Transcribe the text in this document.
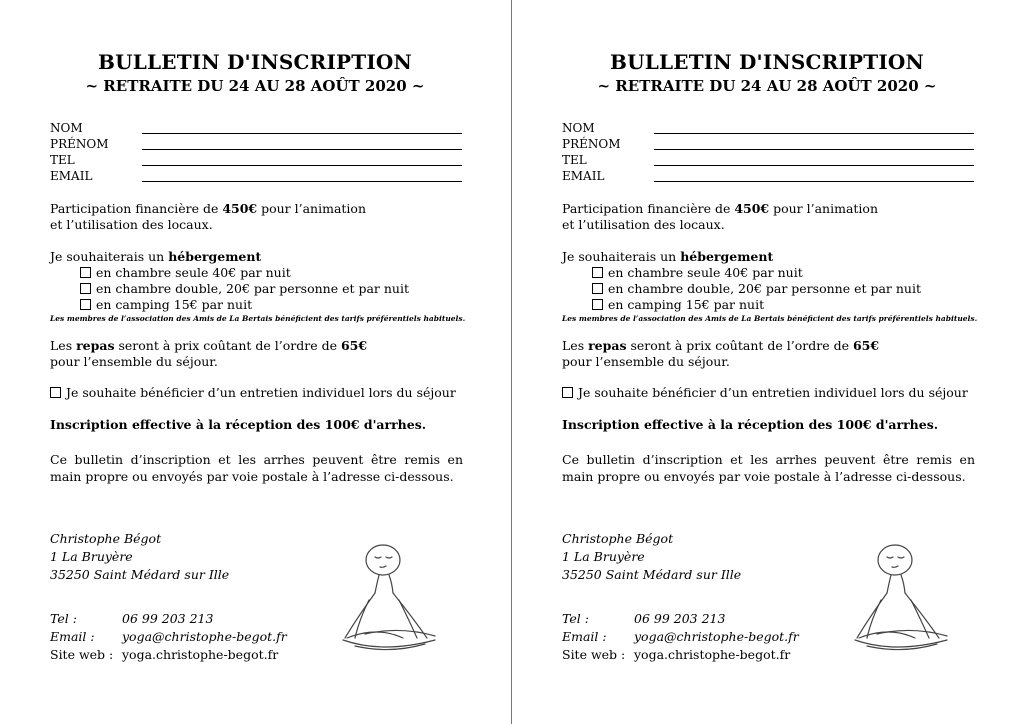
BULLETIN D'INSCRIPTION
~ RETRAITE DU 24 AU 28 AOÛT 2020 ~
NOM
PRÉNOM
TEL
EMAIL
Participation financière de 450€ pour l’animation
et l’utilisation des locaux.
Je souhaiterais un hébergement
en chambre seule 40€ par nuit
en chambre double, 20€ par personne et par nuit
en camping 15€ par nuit
Les membres de l’association des Amis de La Bertais bénéficient des tarifs préférentiels habituels.
Les repas seront à prix coûtant de l’ordre de 65€
pour l’ensemble du séjour.
Je souhaite bénéficier d’un entretien individuel lors du séjour
Inscription effective à la réception des 100€ d'arrhes.
Ce bulletin d’inscription et les arrhes peuvent être remis en main propre ou envoyés par voie postale à l’adresse ci-dessous.
Christophe Bégot
1 La Bruyère
35250 Saint Médard sur Ille
Tel :	06 99 203 213
Email : yoga@christophe-begot.fr
Site web : yoga.christophe-begot.fr
BULLETIN D'INSCRIPTION
~ RETRAITE DU 24 AU 28 AOÛT 2020 ~
NOM
PRÉNOM
TEL
EMAIL
Participation financière de 450€ pour l’animation
et l’utilisation des locaux.
Je souhaiterais un hébergement
en chambre seule 40€ par nuit
en chambre double, 20€ par personne et par nuit
en camping 15€ par nuit
Les membres de l’association des Amis de La Bertais bénéficient des tarifs préférentiels habituels.
Les repas seront à prix coûtant de l’ordre de 65€
pour l’ensemble du séjour.
Je souhaite bénéficier d’un entretien individuel lors du séjour
Inscription effective à la réception des 100€ d'arrhes.
Ce bulletin d’inscription et les arrhes peuvent être remis en main propre ou envoyés par voie postale à l’adresse ci-dessous.
Christophe Bégot
1 La Bruyère
35250 Saint Médard sur Ille
Tel :	06 99 203 213
Email : yoga@christophe-begot.fr
Site web : yoga.christophe-begot.fr
